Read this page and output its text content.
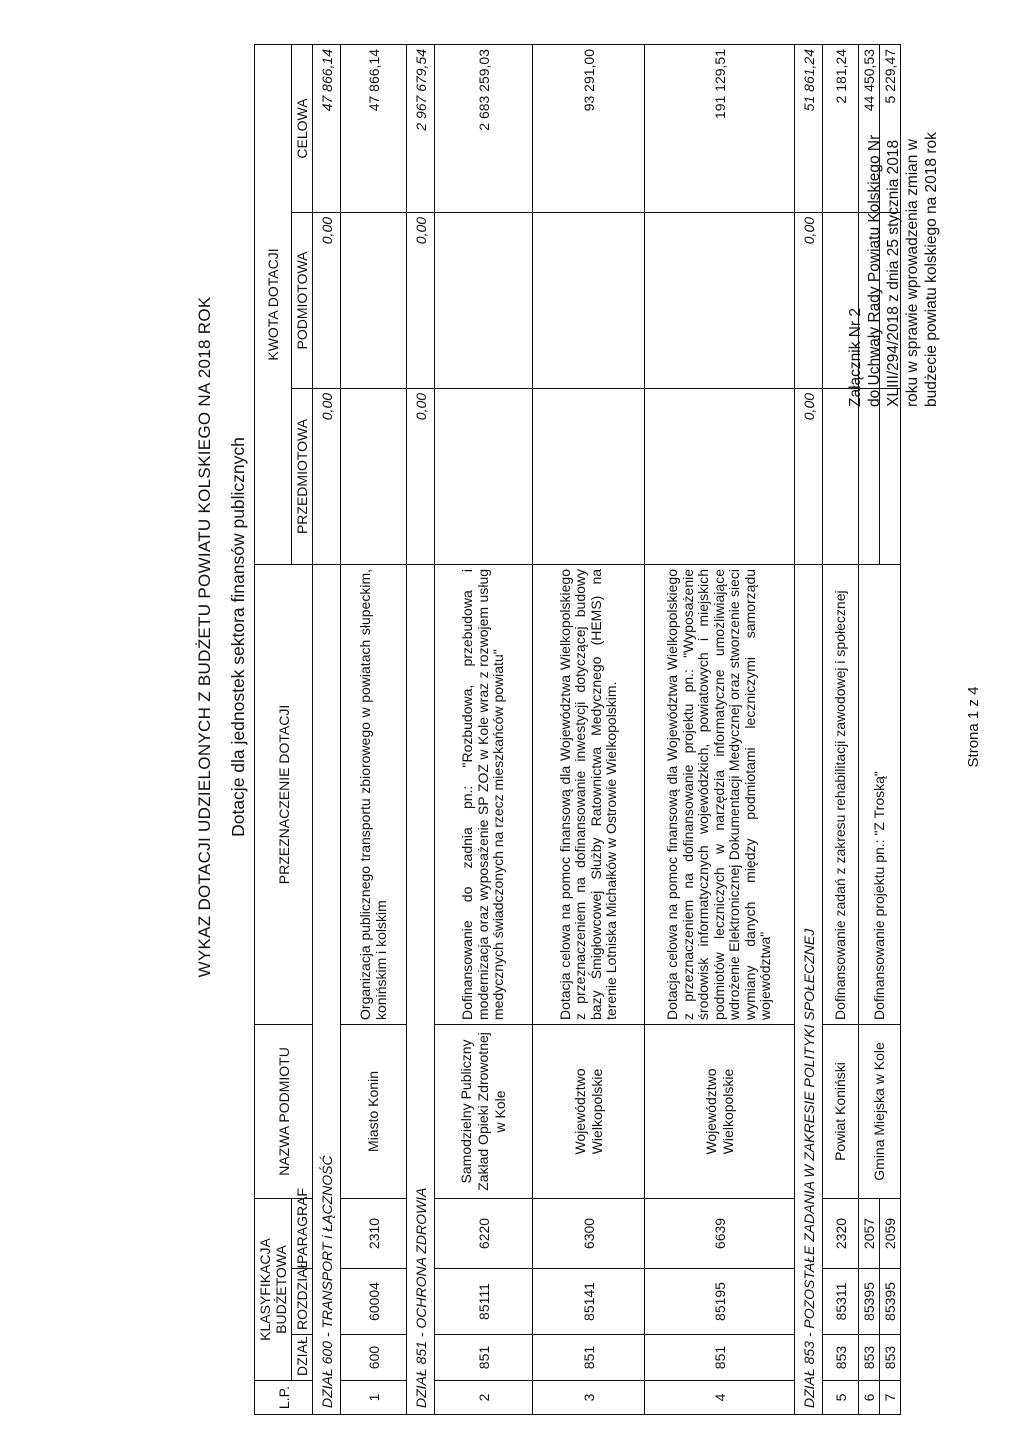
Załącznik Nr 2 do Uchwały Rady Powiatu Kolskiego Nr XLIII/294/2018 z dnia 25 stycznia 2018 roku w sprawie wprowadzenia zmian w budżecie powiatu kolskiego na 2018 rok
WYKAZ DOTACJI UDZIELONYCH Z BUDŻETU POWIATU KOLSKIEGO NA 2018 ROK Dotacje dla jednostek sektora finansów publicznych
L.P.	KLASYFIKACJA BUDŻETOWA			NAZWA PODMIOTU	PRZEZNACZENIE DOTACJI	KWOTA DOTACJI		
	DZIAŁ	ROZDZIAŁ	PARAGRAF			PRZEDMIOTOWA	PODMIOTOWA	CELOWA

DZIAŁ 600 - TRANSPORT i ŁĄCZNOŚĆ						0,00	0,00	47 866,14
1	600	60004	2310	Miasto Konin	Organizacja publicznego transportu zbiorowego w powiatach słupeckim, konińskim i kolskim			47 866,14
DZIAŁ 851 - OCHRONA ZDROWIA						0,00	0,00	2 967 679,54
2	851	85111	6220	Samodzielny Publiczny Zakład Opieki Zdrowotnej w Kole	Dofinansowanie do zadnia pn.: "Rozbudowa, przebudowa i modernizacja oraz wyposażenie SP ZOZ w Kole wraz z rozwojem usług medycznych świadczonych na rzecz mieszkańców powiatu"			2 683 259,03
3	851	85141	6300	Województwo Wielkopolskie	Dotacja celowa na pomoc finansową dla Województwa Wielkopolskiego z przeznaczeniem na dofinansowanie inwestycji dotyczącej budowy bazy Śmigłowcowej Służby Ratownictwa Medycznego (HEMS) na terenie Lotniska Michałków w Ostrowie Wielkopolskim.			93 291,00
4	851	85195	6639	Województwo Wielkopolskie	Dotacja celowa na pomoc finansową dla Województwa Wielkopolskiego z przeznaczeniem na dofinansowanie projektu pn.: "Wyposażenie środowisk informatycznych wojewódzkich, powiatowych i miejskich podmiotów leczniczych w narzędzia informatyczne umożliwiające wdrożenie Elektronicznej Dokumentacji Medycznej oraz stworzenie sieci wymiany danych między podmiotami leczniczymi samorządu województwa"			191 129,51
DZIAŁ 853 - POZOSTAŁE ZADANIA W ZAKRESIE POLITYKI SPOŁECZNEJ						0,00	0,00	51 861,24
5	853	85311	2320	Powiat Koniński	Dofinansowanie zadań z zakresu rehabilitacji zawodowej i społecznej			2 181,24
6	853	85395	2057	Gmina Miejska w Kole	Dofinansowanie projektu pn.: "Z Troską"			44 450,53
7	853	85395	2059					5 229,47
Strona 1 z 4
